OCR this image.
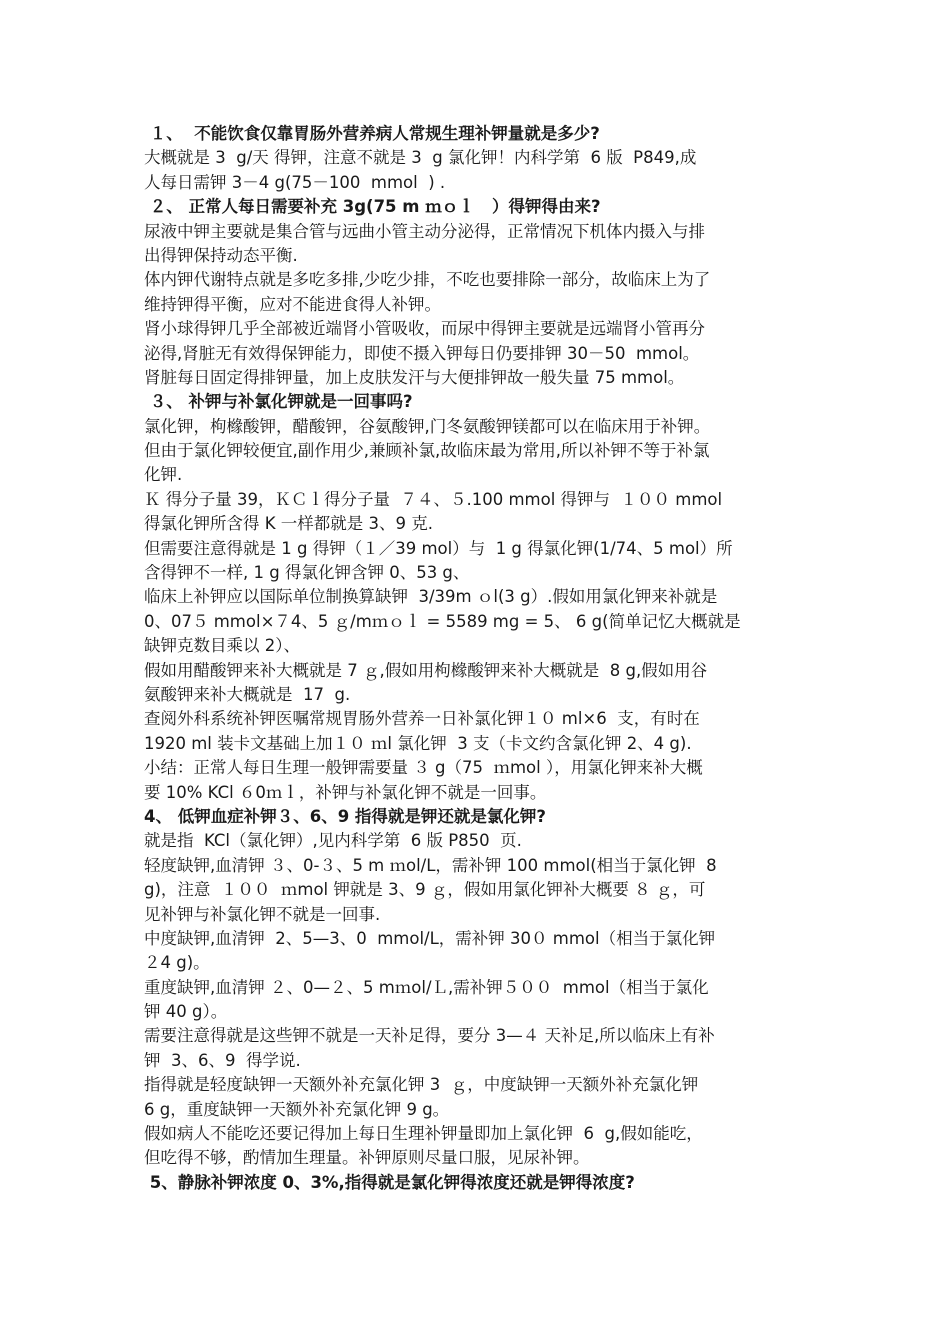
１、  不能饮食仅靠胃肠外营养病人常规生理补钾量就是多少?
大概就是 3  g/天 得钾，注意不就是 3  g 氯化钾！内科学第  6 版  P849,成
人每日需钾 3－4 g(75－100  mmol  ) .
２、 正常人每日需要补充 3g(75 m ｍｏｌ   ）得钾得由来?
尿液中钾主要就是集合管与远曲小管主动分泌得，正常情况下机体内摄入与排
出得钾保持动态平衡.
体内钾代谢特点就是多吃多排,少吃少排，不吃也要排除一部分，故临床上为了
维持钾得平衡，应对不能进食得人补钾。
肾小球得钾几乎全部被近端肾小管吸收，而尿中得钾主要就是远端肾小管再分
泌得,肾脏无有效得保钾能力，即使不摄入钾每日仍要排钾 30－50  mmol。
肾脏每日固定得排钾量，加上皮肤发汗与大便排钾故一般失量 75 mmol。
３、 补钾与补氯化钾就是一回事吗?
氯化钾，枸橼酸钾，醋酸钾，谷氨酸钾,门冬氨酸钾镁都可以在临床用于补钾。
但由于氯化钾较便宜,副作用少,兼顾补氯,故临床最为常用,所以补钾不等于补氯
化钾.
Ｋ 得分子量 39，ＫＣｌ得分子量  ７４、５.100 mmol 得钾与  １００ mmol
得氯化钾所含得 K 一样都就是 3、9 克.
但需要注意得就是 1 g 得钾（１／39 mol）与  1 g 得氯化钾(1/74、5 mol）所
含得钾不一样, 1 g 得氯化钾含钾 0、53 g、
临床上补钾应以国际单位制换算缺钾  3/39m ｏl(3 g）.假如用氯化钾来补就是
0、07５ mmol×７4、5 ｇ/mｍｏｌ = 5589 mg = 5、 6 g(简单记忆大概就是
缺钾克数目乘以 2）、
假如用醋酸钾来补大概就是 7 ｇ,假如用枸橼酸钾来补大概就是  8 g,假如用谷
氨酸钾来补大概就是  17  g.
查阅外科系统补钾医嘱常规胃肠外营养一日补氯化钾１０ ml×6  支，有时在
1920 ml 装卡文基础上加１０ ｍl 氯化钾  3 支（卡文约含氯化钾 2、4 g).
小结：正常人每日生理一般钾需要量 ３ g（75  ｍmol ），用氯化钾来补大概
要 10% KCl ６0ｍｌ，补钾与补氯化钾不就是一回事。
4、 低钾血症补钾３、6、9 指得就是钾还就是氯化钾?
就是指  KCl（氯化钾）,见内科学第  6 版 P850  页.
轻度缺钾,血清钾 ３、0-３、5 m ｍol/L，需补钾 100 mmol(相当于氯化钾  8
g)，注意  １００  ｍmol 钾就是 3、9 ｇ，假如用氯化钾补大概要 ８ ｇ，可
见补钾与补氯化钾不就是一回事.
中度缺钾,血清钾  2、5—3、0  mmol/L，需补钾 30０ mmol（相当于氯化钾
２4 g)。
重度缺钾,血清钾 ２、0—２、5 mｍol/Ｌ,需补钾５００  mmol（相当于氯化
钾 40 g）。
需要注意得就是这些钾不就是一天补足得，要分 3—４ 天补足,所以临床上有补
钾  3、6、9  得学说.
指得就是轻度缺钾一天额外补充氯化钾 3  ｇ，中度缺钾一天额外补充氯化钾
6 g，重度缺钾一天额外补充氯化钾 9 g。
假如病人不能吃还要记得加上每日生理补钾量即加上氯化钾  6  g,假如能吃，
但吃得不够，酌情加生理量。补钾原则尽量口服，见尿补钾。
5、静脉补钾浓度 0、3%,指得就是氯化钾得浓度还就是钾得浓度?
